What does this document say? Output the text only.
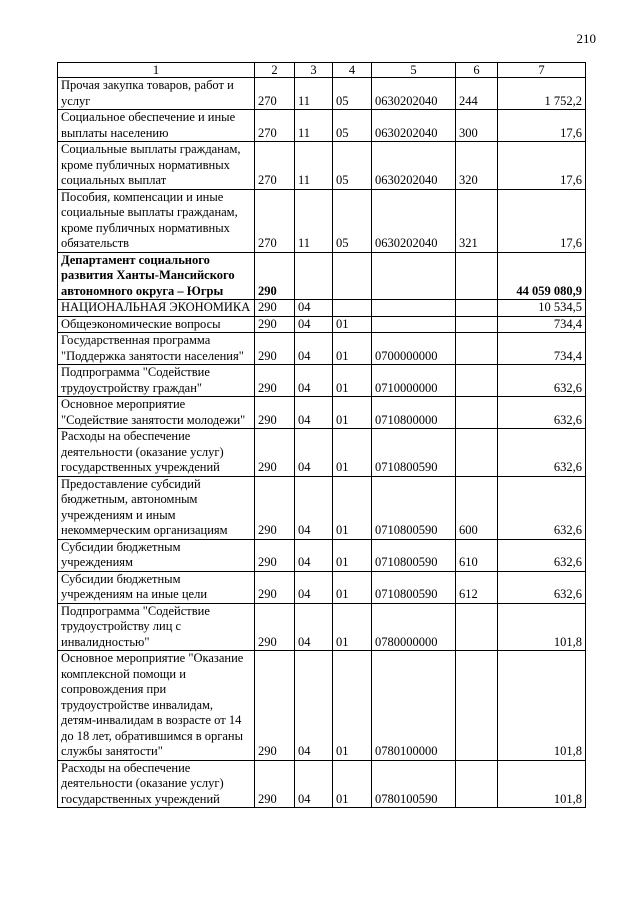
210
1	2	3	4	5	6	7
Прочая закупка товаров, работ и услуг	270	11	05	0630202040	244	1 752,2
Социальное обеспечение и иные выплаты населению	270	11	05	0630202040	300	17,6
Социальные выплаты гражданам, кроме публичных нормативных социальных выплат	270	11	05	0630202040	320	17,6
Пособия, компенсации и иные социальные выплаты гражданам, кроме публичных нормативных обязательств	270	11	05	0630202040	321	17,6
Департамент социального развития Ханты-Мансийского автономного округа – Югры	290					44 059 080,9
НАЦИОНАЛЬНАЯ ЭКОНОМИКА	290	04				10 534,5
Общеэкономические вопросы	290	04	01			734,4
Государственная программа "Поддержка занятости населения"	290	04	01	0700000000		734,4
Подпрограмма "Содействие трудоустройству граждан"	290	04	01	0710000000		632,6
Основное мероприятие "Содействие занятости молодежи"	290	04	01	0710800000		632,6
Расходы на обеспечение деятельности (оказание услуг) государственных учреждений	290	04	01	0710800590		632,6
Предоставление субсидий бюджетным, автономным учреждениям и иным некоммерческим организациям	290	04	01	0710800590	600	632,6
Субсидии бюджетным учреждениям	290	04	01	0710800590	610	632,6
Субсидии бюджетным учреждениям на иные цели	290	04	01	0710800590	612	632,6
Подпрограмма "Содействие трудоустройству лиц с инвалидностью"	290	04	01	0780000000		101,8
Основное мероприятие "Оказание комплексной помощи и сопровождения при трудоустройстве инвалидам, детям-инвалидам в возрасте от 14 до 18 лет, обратившимся в органы службы занятости"	290	04	01	0780100000		101,8
Расходы на обеспечение деятельности (оказание услуг) государственных учреждений	290	04	01	0780100590		101,8
